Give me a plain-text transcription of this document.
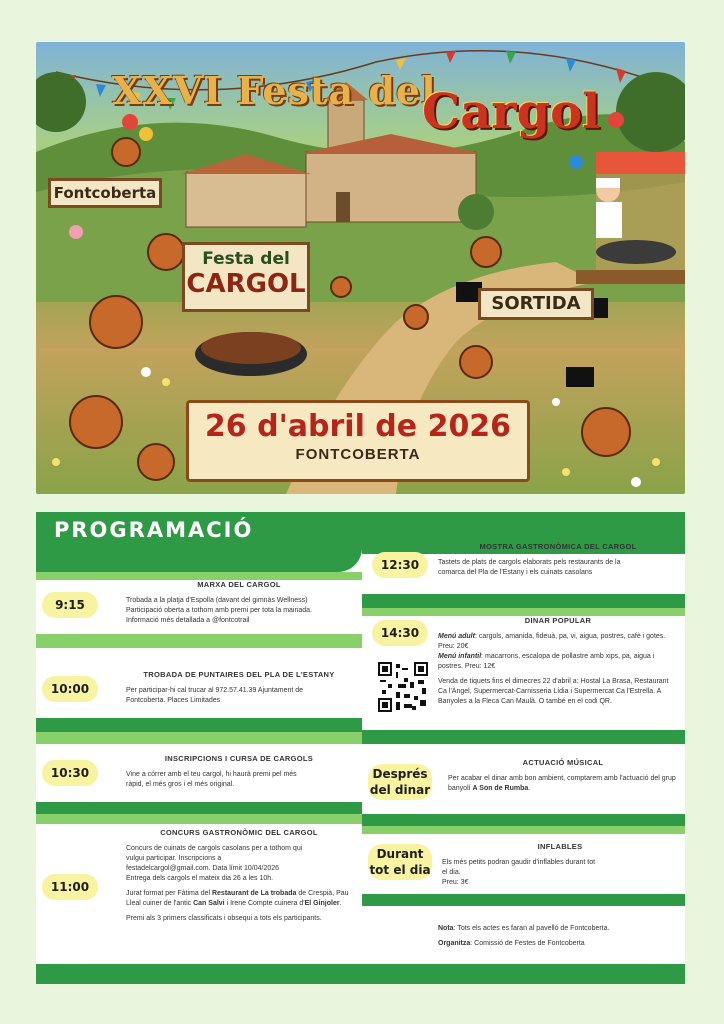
XXVI Festa del
Cargol
Fontcoberta
Festa del
CARGOL
SORTIDA
26 d'abril de 2026
FONTCOBERTA
PROGRAMACIÓ
9:15
MARXA DEL CARGOL
Trobada a la platja d'Espolla (davant del gimnàs Wellness)
Participació oberta a tothom amb premi per tota la mainada.
Informació més detallada a @fontcotrail
10:00
TROBADA DE PUNTAIRES DEL PLA DE L'ESTANY
Per participar-hi cal trucar al 972.57.41.39 Ajuntament de
Fontcoberta. Places Limitades
10:30
INSCRIPCIONS I CURSA DE CARGOLS
Vine a córrer amb el teu cargol, hi haurà premi pel més
ràpid, el més gros i el més original.
11:00
CONCURS GASTRONÒMIC DEL CARGOL
Concurs de cuinats de cargols casolans per a tothom qui
vulgui participar. Inscripcions a
festadelcargol@gmail.com. Data límit 10/04/2026

Entrega dels cargols el mateix dia 26 a les 10h.

Jurat format per Fàtima del Restaurant de La trobada de Crespià, Pau Lleal cuiner de l'antic Can Salvi i Irene Compte cuinera d'El Ginjoler.

Premi als 3 primers classificats i obsequi a tots els participants.

12:30
MOSTRA GASTRONÒMICA DEL CARGOL
Tastets de plats de cargols elaborats pels restaurants de la
comarca del Pla de l'Estany i els cuinats casolans
14:30
DINAR POPULAR
Menú adult: cargols, amanida, fideuà, pa, vi, aigua, postres, cafè i gotes. Preu: 20€

Menú infantil: macarrons, escalopa de pollastre amb xips, pa, aigua i postres. Preu: 12€

Venda de tiquets fins el dimecres 22 d'abril a: Hostal La Brasa, Restaurant Ca l'Àngel, Supermercat-Carnisseria Lídia i Supermercat Ca l'Estrella. A Banyoles a la Fleca Can Maulà. O també en el codi QR.

Després del dinar
ACTUACIÓ MÚSICAL

Per acabar el dinar amb bon ambient, comptarem amb l'actuació del grup banyolí A Son de Rumba.

Durant tot el dia
INFLABLES
Els més petits podran gaudir d'inflables durant tot
el dia.
Preu: 3€

Nota: Tots els actes es faran al pavelló de Fontcoberta.

Organitza: Comissió de Festes de Fontcoberta
